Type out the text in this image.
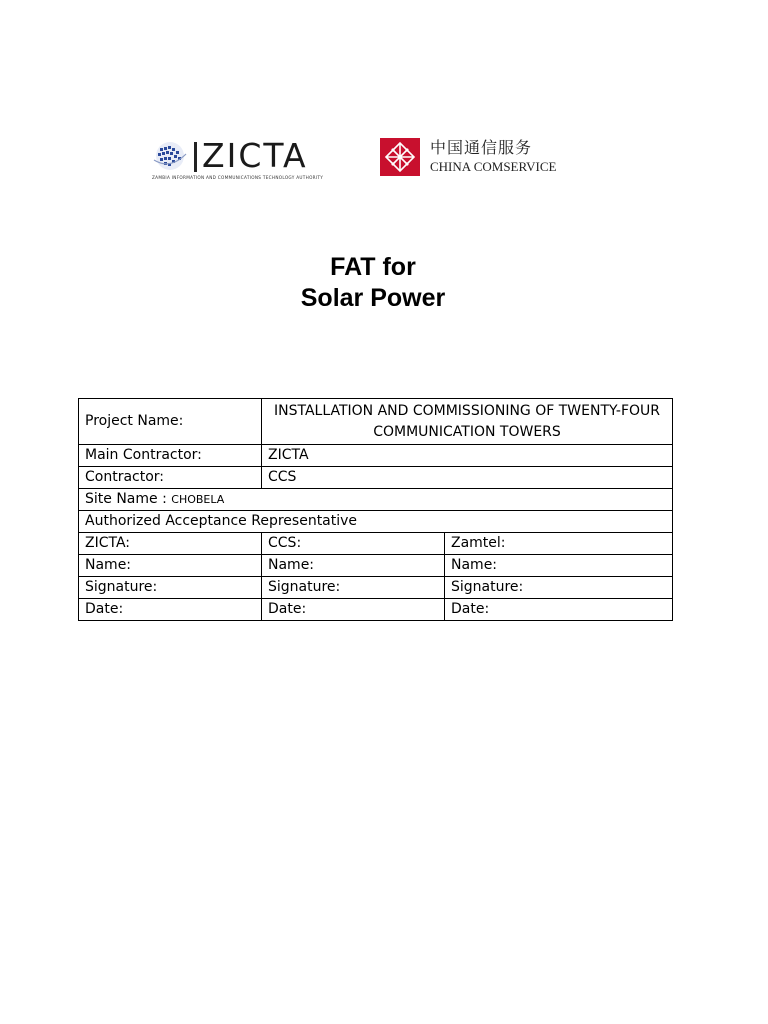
ZICTA
ZAMBIA INFORMATION AND COMMUNICATIONS TECHNOLOGY AUTHORITY
中国通信服务
CHINA COMSERVICE
FAT for
Solar Power
Project Name:	INSTALLATION AND COMMISSIONING OF TWENTY-FOUR COMMUNICATION TOWERS	
Main Contractor:	ZICTA	
Contractor:	CCS	
Site Name : CHOBELA		
Authorized Acceptance Representative		
ZICTA:	CCS:	Zamtel:
Name:	Name:	Name:
Signature:	Signature:	Signature:
Date:	Date:	Date:
